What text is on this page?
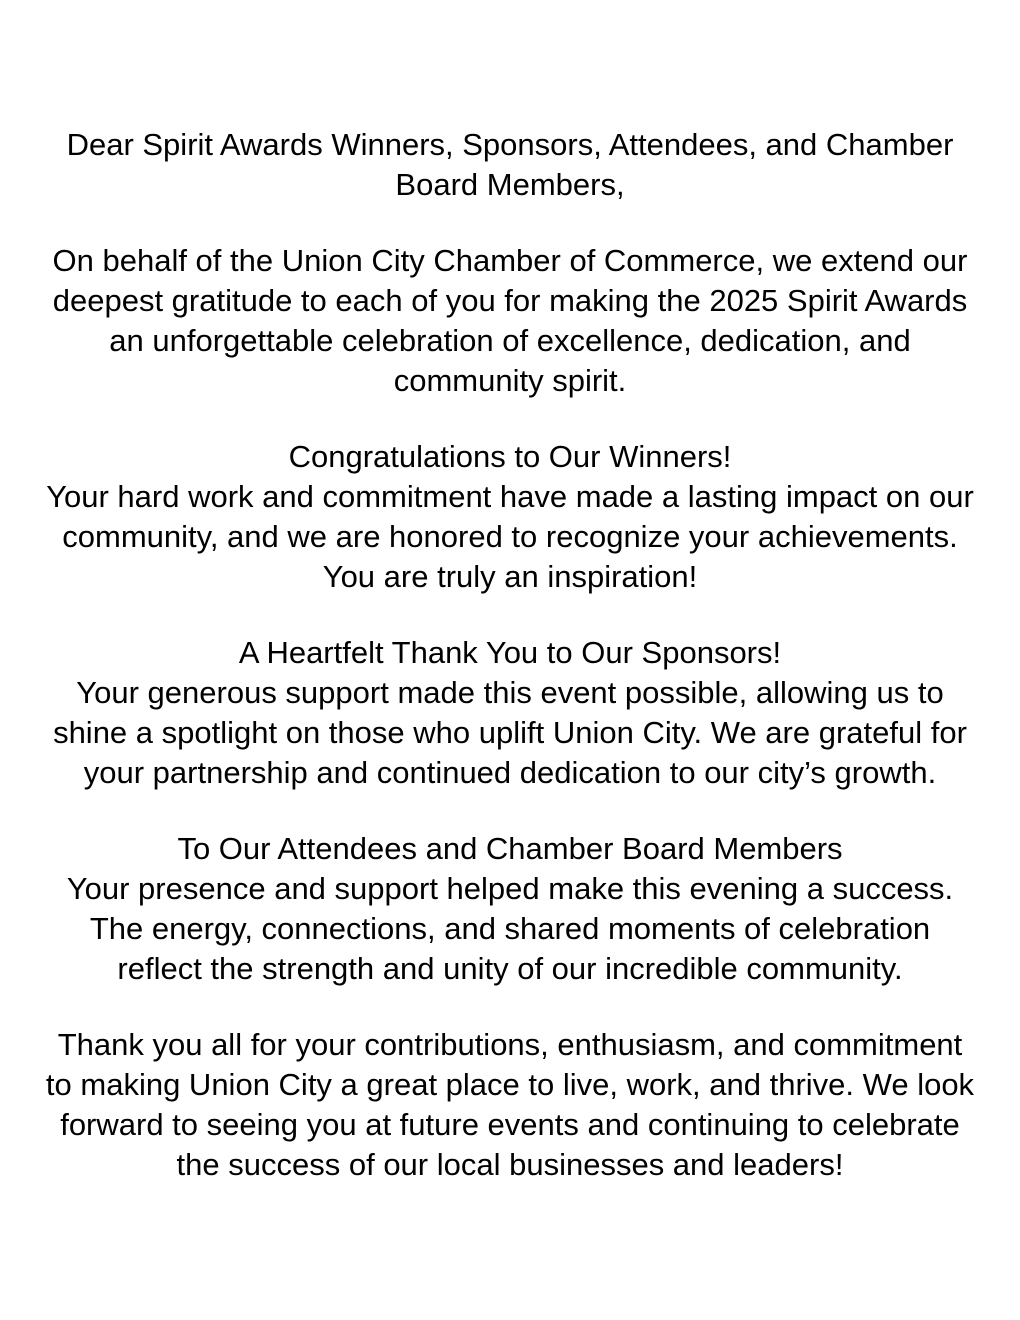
Dear Spirit Awards Winners, Sponsors, Attendees, and Chamber
Board Members,
On behalf of the Union City Chamber of Commerce, we extend our
deepest gratitude to each of you for making the 2025 Spirit Awards
an unforgettable celebration of excellence, dedication, and
community spirit.
Congratulations to Our Winners!
Your hard work and commitment have made a lasting impact on our
community, and we are honored to recognize your achievements.
You are truly an inspiration!
A Heartfelt Thank You to Our Sponsors!
Your generous support made this event possible, allowing us to
shine a spotlight on those who uplift Union City. We are grateful for
your partnership and continued dedication to our city’s growth.
To Our Attendees and Chamber Board Members
Your presence and support helped make this evening a success.
The energy, connections, and shared moments of celebration
reflect the strength and unity of our incredible community.
Thank you all for your contributions, enthusiasm, and commitment
to making Union City a great place to live, work, and thrive. We look
forward to seeing you at future events and continuing to celebrate
the success of our local businesses and leaders!
